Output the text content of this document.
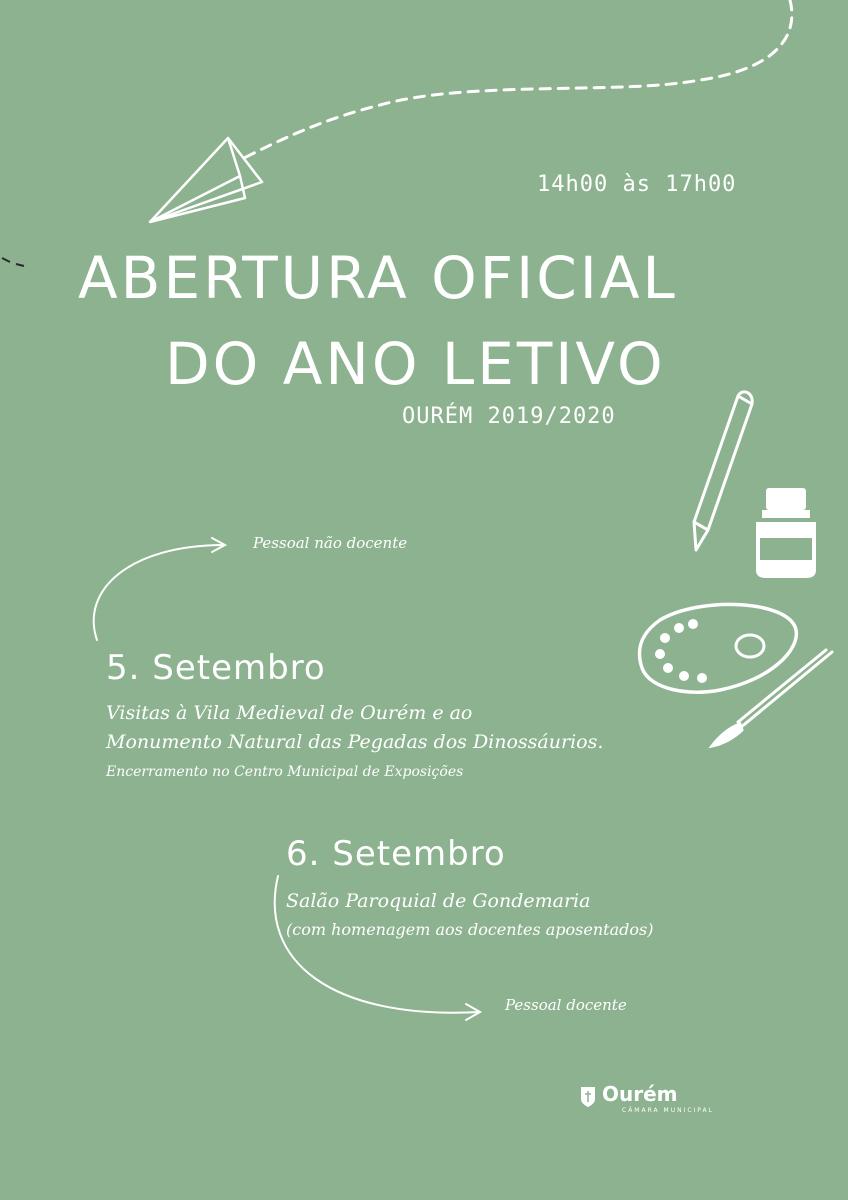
14h00 às 17h00
ABERTURA OFICIAL
DO ANO LETIVO
OURÉM 2019/2020
Pessoal não docente
5. Setembro
Visitas à Vila Medieval de Ourém e ao
Monumento Natural das Pegadas dos Dinossáurios.
Encerramento no Centro Municipal de Exposições
6. Setembro
Salão Paroquial de Gondemaria
(com homenagem aos docentes aposentados)
Pessoal docente
Ourém
CÂMARA MUNICIPAL
